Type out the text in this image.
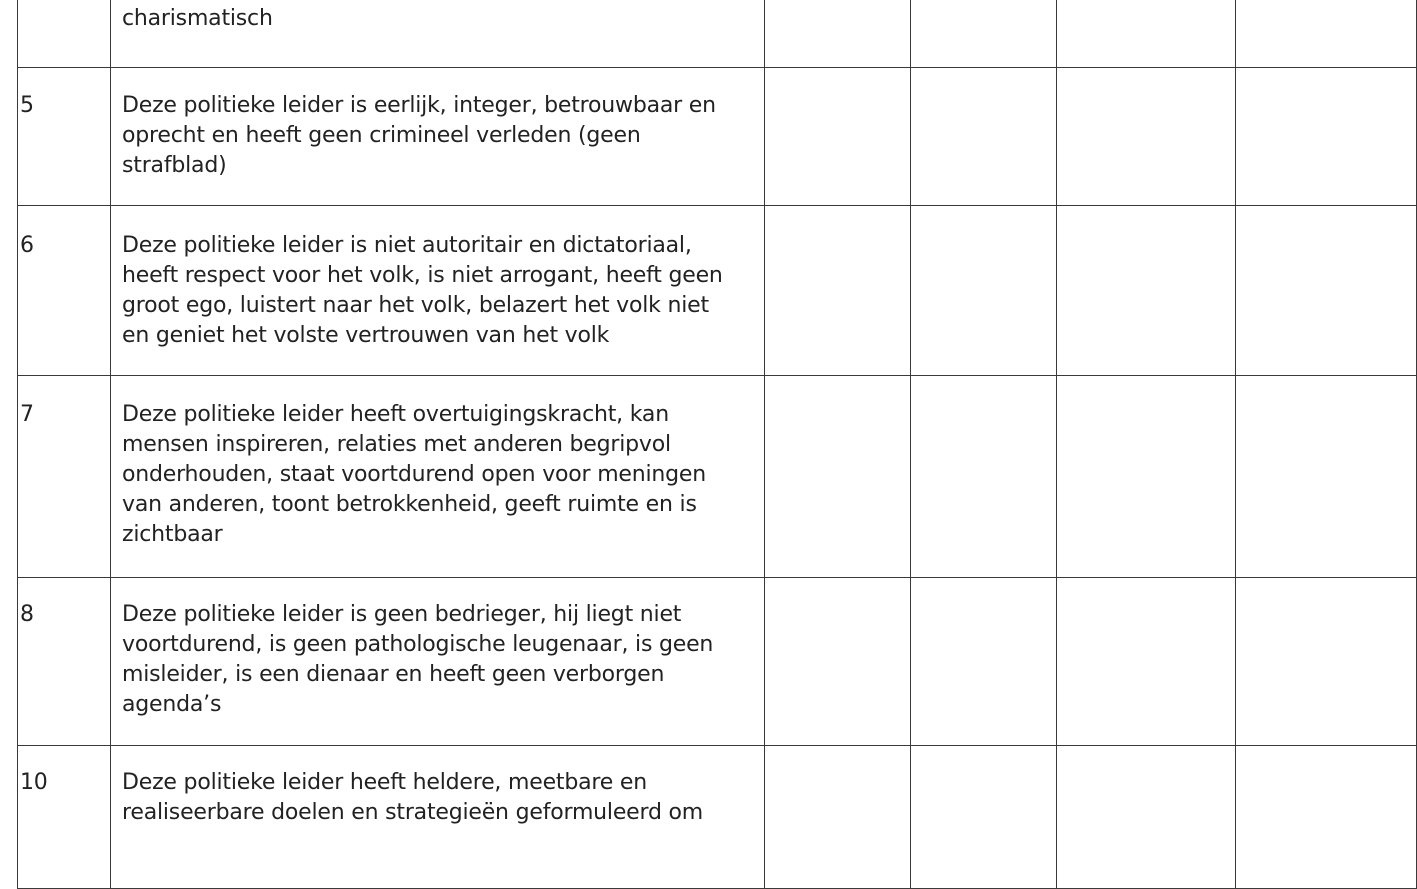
charismatisch				

5	Deze politieke leider is eerlijk, integer, betrouwbaar en
oprecht en heeft geen crimineel verleden (geen
strafblad)				

6	Deze politieke leider is niet autoritair en dictatoriaal,
heeft respect voor het volk, is niet arrogant, heeft geen
groot ego, luistert naar het volk, belazert het volk niet
en geniet het volste vertrouwen van het volk				

7	Deze politieke leider heeft overtuigingskracht, kan
mensen inspireren, relaties met anderen begripvol
onderhouden, staat voortdurend open voor meningen
van anderen, toont betrokkenheid, geeft ruimte en is
zichtbaar				

8	Deze politieke leider is geen bedrieger, hij liegt niet
voortdurend, is geen pathologische leugenaar, is geen
misleider, is een dienaar en heeft geen verborgen
agenda’s				

10	Deze politieke leider heeft heldere, meetbare en
realiseerbare doelen en strategieën geformuleerd om				
